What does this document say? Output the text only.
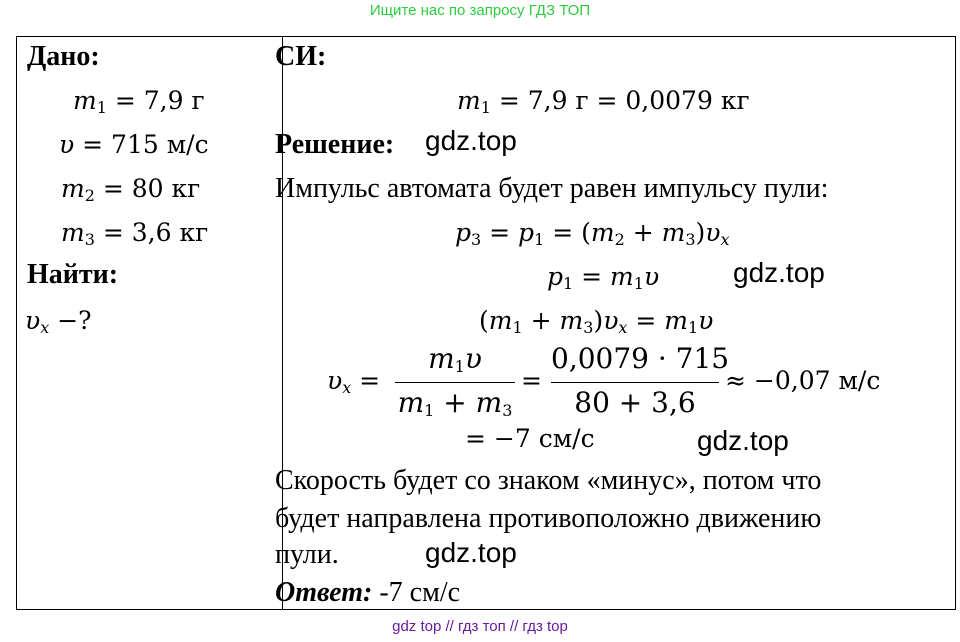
Ищите нас по запросу ГДЗ ТОП
Дано:
$m_1 = 7,9$ г
υ = 715 м/с
$m_2 = 80$ кг
$m_3 = 3,6$ кг
Найти:
$\upsilon_x$ −?
СИ:
$m_1 = 7,9$ г = 0,0079 кг
Решение: gdz.top
Импульс автомата будет равен импульсу пули:
$p_3 = p_1 = (m_2 + m_3)\upsilon_x$
$p_1 = m_1\upsilon$	gdz.top
$(m_1 + m_3)\upsilon_x = m_1\upsilon$
$\upsilon_x$ =
$m_1\upsilon$
$m_1 + m_3$
=
0,0079 · 715
80 + 3,6
≈ −0,07 м/с
= −7 см/с	gdz.top
Скорость будет со знаком «минус», потом что
будет направлена противоположно движению
пули.	gdz.top
Ответ: -7 см/с
gdz top // гдз топ // гдз top
